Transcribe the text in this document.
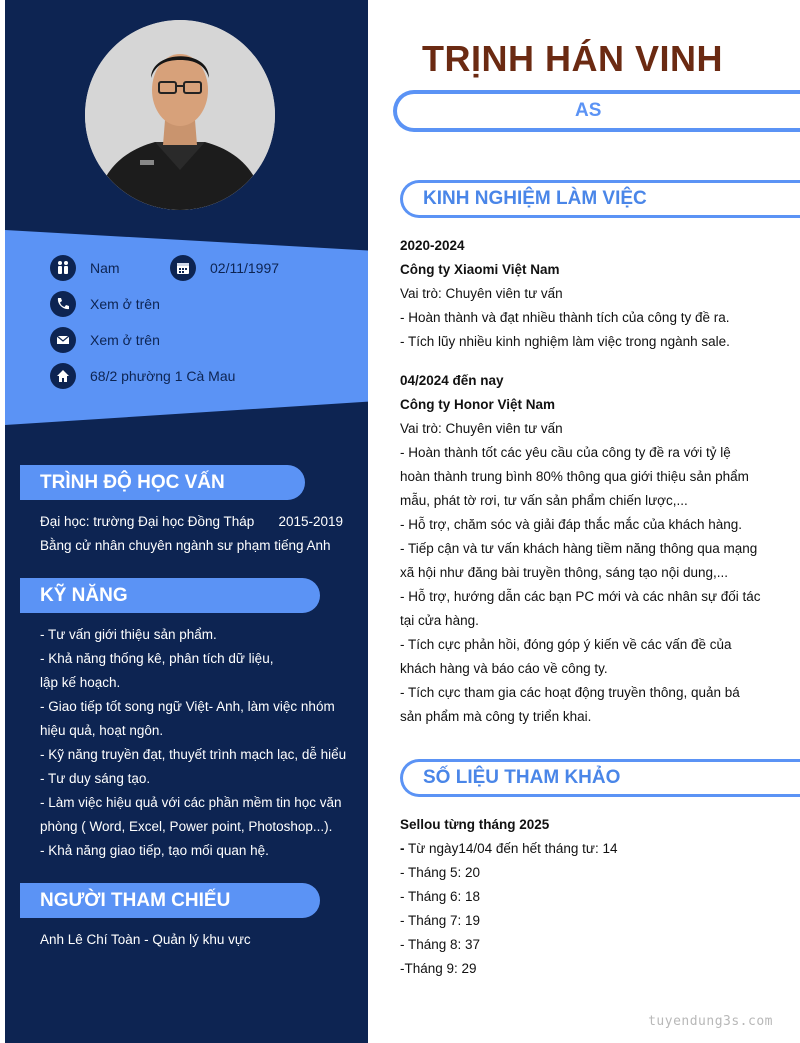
Nam	02/11/1997
Xem ở trên
Xem ở trên
68/2 phường 1 Cà Mau
TRÌNH ĐỘ HỌC VẤN
Đại học: trường Đại học Đồng Tháp 2015-2019
Bằng cử nhân chuyên ngành sư phạm tiếng Anh
KỸ NĂNG
- Tư vấn giới thiệu sản phẩm.
- Khả năng thống kê, phân tích dữ liệu,
lập kế hoạch.
- Giao tiếp tốt song ngữ Việt- Anh, làm việc nhóm
hiệu quả, hoạt ngôn.
- Kỹ năng truyền đạt, thuyết trình mạch lạc, dễ hiểu
- Tư duy sáng tạo.
- Làm việc hiệu quả với các phần mềm tin học văn
phòng ( Word, Excel, Power point, Photoshop...).
- Khả năng giao tiếp, tạo mối quan hệ.
NGƯỜI THAM CHIẾU
Anh Lê Chí Toàn - Quản lý khu vực
TRỊNH HÁN VINH
AS
KINH NGHIỆM LÀM VIỆC
2020-2024
Công ty Xiaomi Việt Nam
Vai trò: Chuyên viên tư vấn
- Hoàn thành và đạt nhiều thành tích của công ty đề ra.
- Tích lũy nhiều kinh nghiệm làm việc trong ngành sale.
04/2024 đến nay
Công ty Honor Việt Nam
Vai trò: Chuyên viên tư vấn
- Hoàn thành tốt các yêu cầu của công ty đề ra với tỷ lệ
hoàn thành trung bình 80% thông qua giới thiệu sản phẩm
mẫu, phát tờ rơi, tư vấn sản phẩm chiến lược,...
- Hỗ trợ, chăm sóc và giải đáp thắc mắc của khách hàng.
- Tiếp cận và tư vấn khách hàng tiềm năng thông qua mạng
xã hội như đăng bài truyền thông, sáng tạo nội dung,...
- Hỗ trợ, hướng dẫn các bạn PC mới và các nhân sự đối tác
tại cửa hàng.
- Tích cực phản hồi, đóng góp ý kiến về các vấn đề của
khách hàng và báo cáo về công ty.
- Tích cực tham gia các hoạt động truyền thông, quản bá
sản phẩm mà công ty triển khai.
SỐ LIỆU THAM KHẢO
Sellou từng tháng 2025
- Từ ngày14/04 đến hết tháng tư: 14
- Tháng 5: 20
- Tháng 6: 18
- Tháng 7: 19
- Tháng 8: 37
-Tháng 9: 29
tuyendung3s.com
